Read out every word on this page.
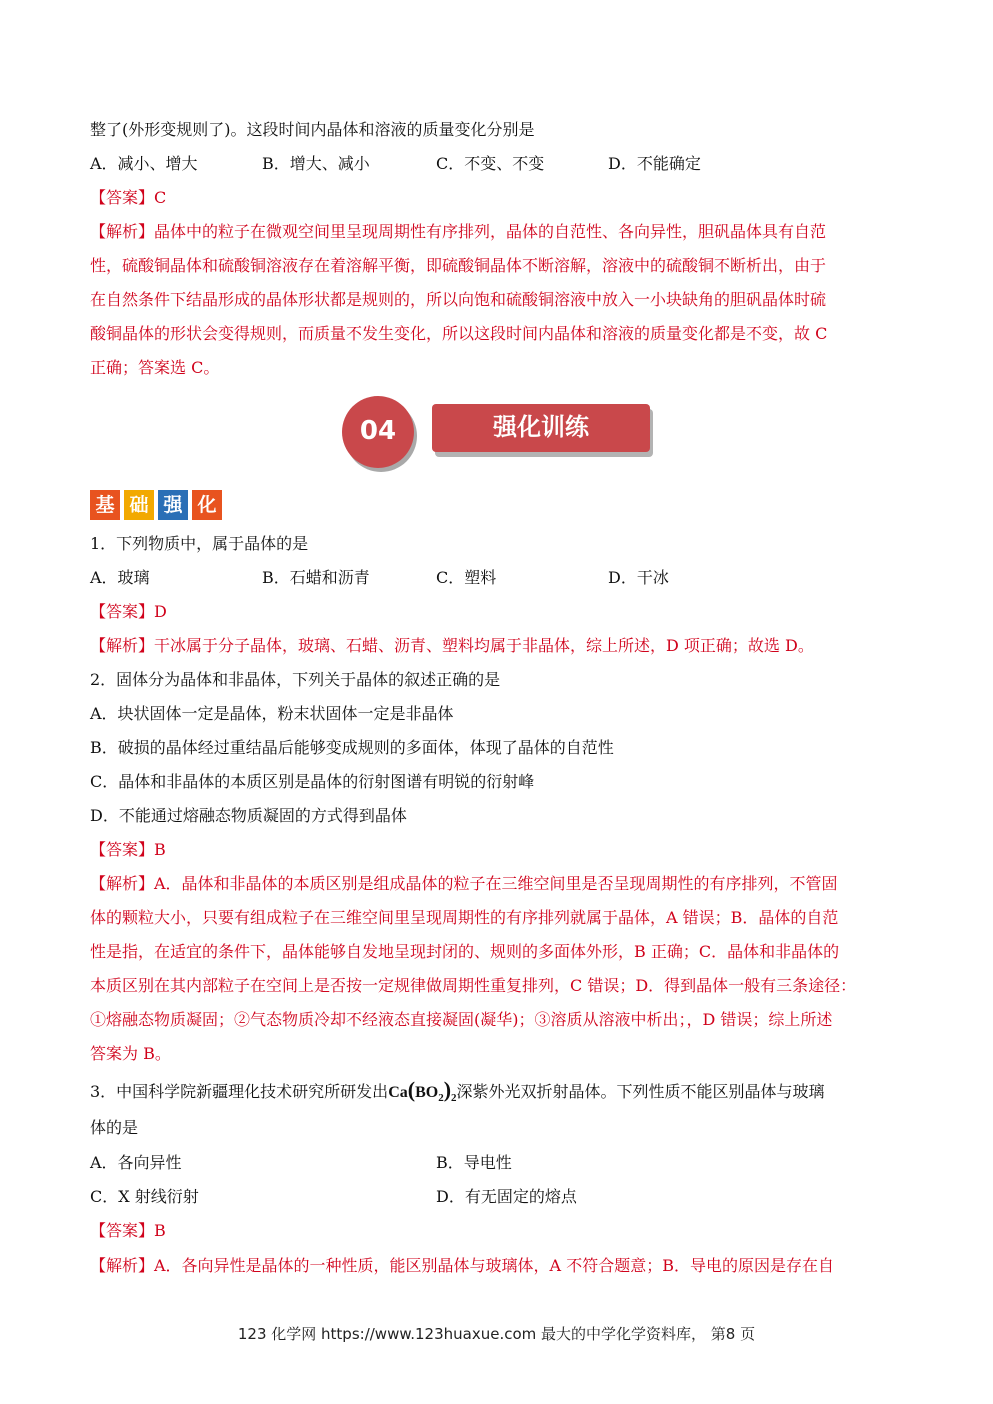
整了(外形变规则了)。这段时间内晶体和溶液的质量变化分别是
A．减小、增大	B．增大、减小	C．不变、不变	D．不能确定
【答案】C
【解析】晶体中的粒子在微观空间里呈现周期性有序排列，晶体的自范性、各向异性，胆矾晶体具有自范
性，硫酸铜晶体和硫酸铜溶液存在着溶解平衡，即硫酸铜晶体不断溶解，溶液中的硫酸铜不断析出，由于
在自然条件下结晶形成的晶体形状都是规则的，所以向饱和硫酸铜溶液中放入一小块缺角的胆矾晶体时硫
酸铜晶体的形状会变得规则，而质量不发生变化，所以这段时间内晶体和溶液的质量变化都是不变，故 C
正确；答案选 C。
强化训练
04
基 础 强 化
1．下列物质中，属于晶体的是
A．玻璃	B．石蜡和沥青	C．塑料	D．干冰
【答案】D
【解析】干冰属于分子晶体，玻璃、石蜡、沥青、塑料均属于非晶体，综上所述，D 项正确；故选 D。
2．固体分为晶体和非晶体，下列关于晶体的叙述正确的是
A．块状固体一定是晶体，粉末状固体一定是非晶体
B．破损的晶体经过重结晶后能够变成规则的多面体，体现了晶体的自范性
C．晶体和非晶体的本质区别是晶体的衍射图谱有明锐的衍射峰
D．不能通过熔融态物质凝固的方式得到晶体
【答案】B
【解析】A．晶体和非晶体的本质区别是组成晶体的粒子在三维空间里是否呈现周期性的有序排列，不管固
体的颗粒大小，只要有组成粒子在三维空间里呈现周期性的有序排列就属于晶体，A 错误；B．晶体的自范
性是指，在适宜的条件下，晶体能够自发地呈现封闭的、规则的多面体外形，B 正确；C．晶体和非晶体的
本质区别在其内部粒子在空间上是否按一定规律做周期性重复排列，C 错误；D．得到晶体一般有三条途径：
①熔融态物质凝固；②气态物质冷却不经液态直接凝固(凝华)；③溶质从溶液中析出；，D 错误；综上所述
答案为 B。
3．中国科学院新疆理化技术研究所研发出$Ca(BO_2)_2$深紫外光双折射晶体。下列性质不能区别晶体与玻璃
体的是
A．各向异性	B．导电性
C．X 射线衍射	D．有无固定的熔点
【答案】B
【解析】A．各向异性是晶体的一种性质，能区别晶体与玻璃体，A 不符合题意；B．导电的原因是存在自
123 化学网 https://www.123huaxue.com 最大的中学化学资料库， 第8 页
